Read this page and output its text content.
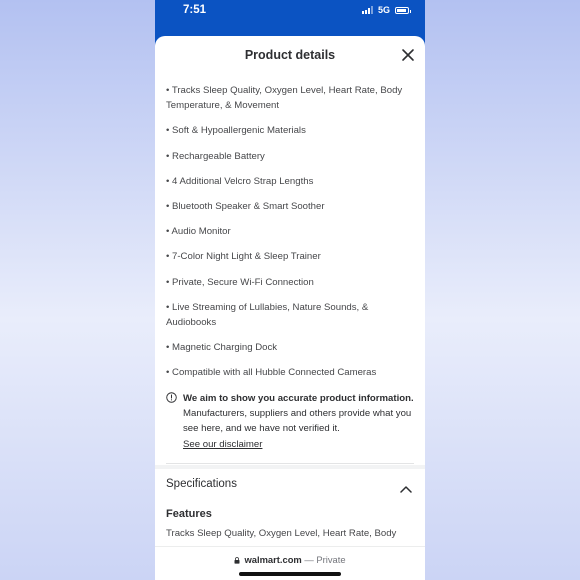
7:51	5G
Product details
• Tracks Sleep Quality, Oxygen Level, Heart Rate, Body Temperature, & Movement
• Soft & Hypoallergenic Materials
• Rechargeable Battery
• 4 Additional Velcro Strap Lengths
• Bluetooth Speaker & Smart Soother
• Audio Monitor
• 7-Color Night Light & Sleep Trainer
• Private, Secure Wi-Fi Connection
• Live Streaming of Lullabies, Nature Sounds, & Audiobooks
• Magnetic Charging Dock
• Compatible with all Hubble Connected Cameras
We aim to show you accurate product information. Manufacturers, suppliers and others provide what you see here, and we have not verified it.
See our disclaimer
Specifications
Features
Tracks Sleep Quality, Oxygen Level, Heart Rate, Body
walmart.com — Private
